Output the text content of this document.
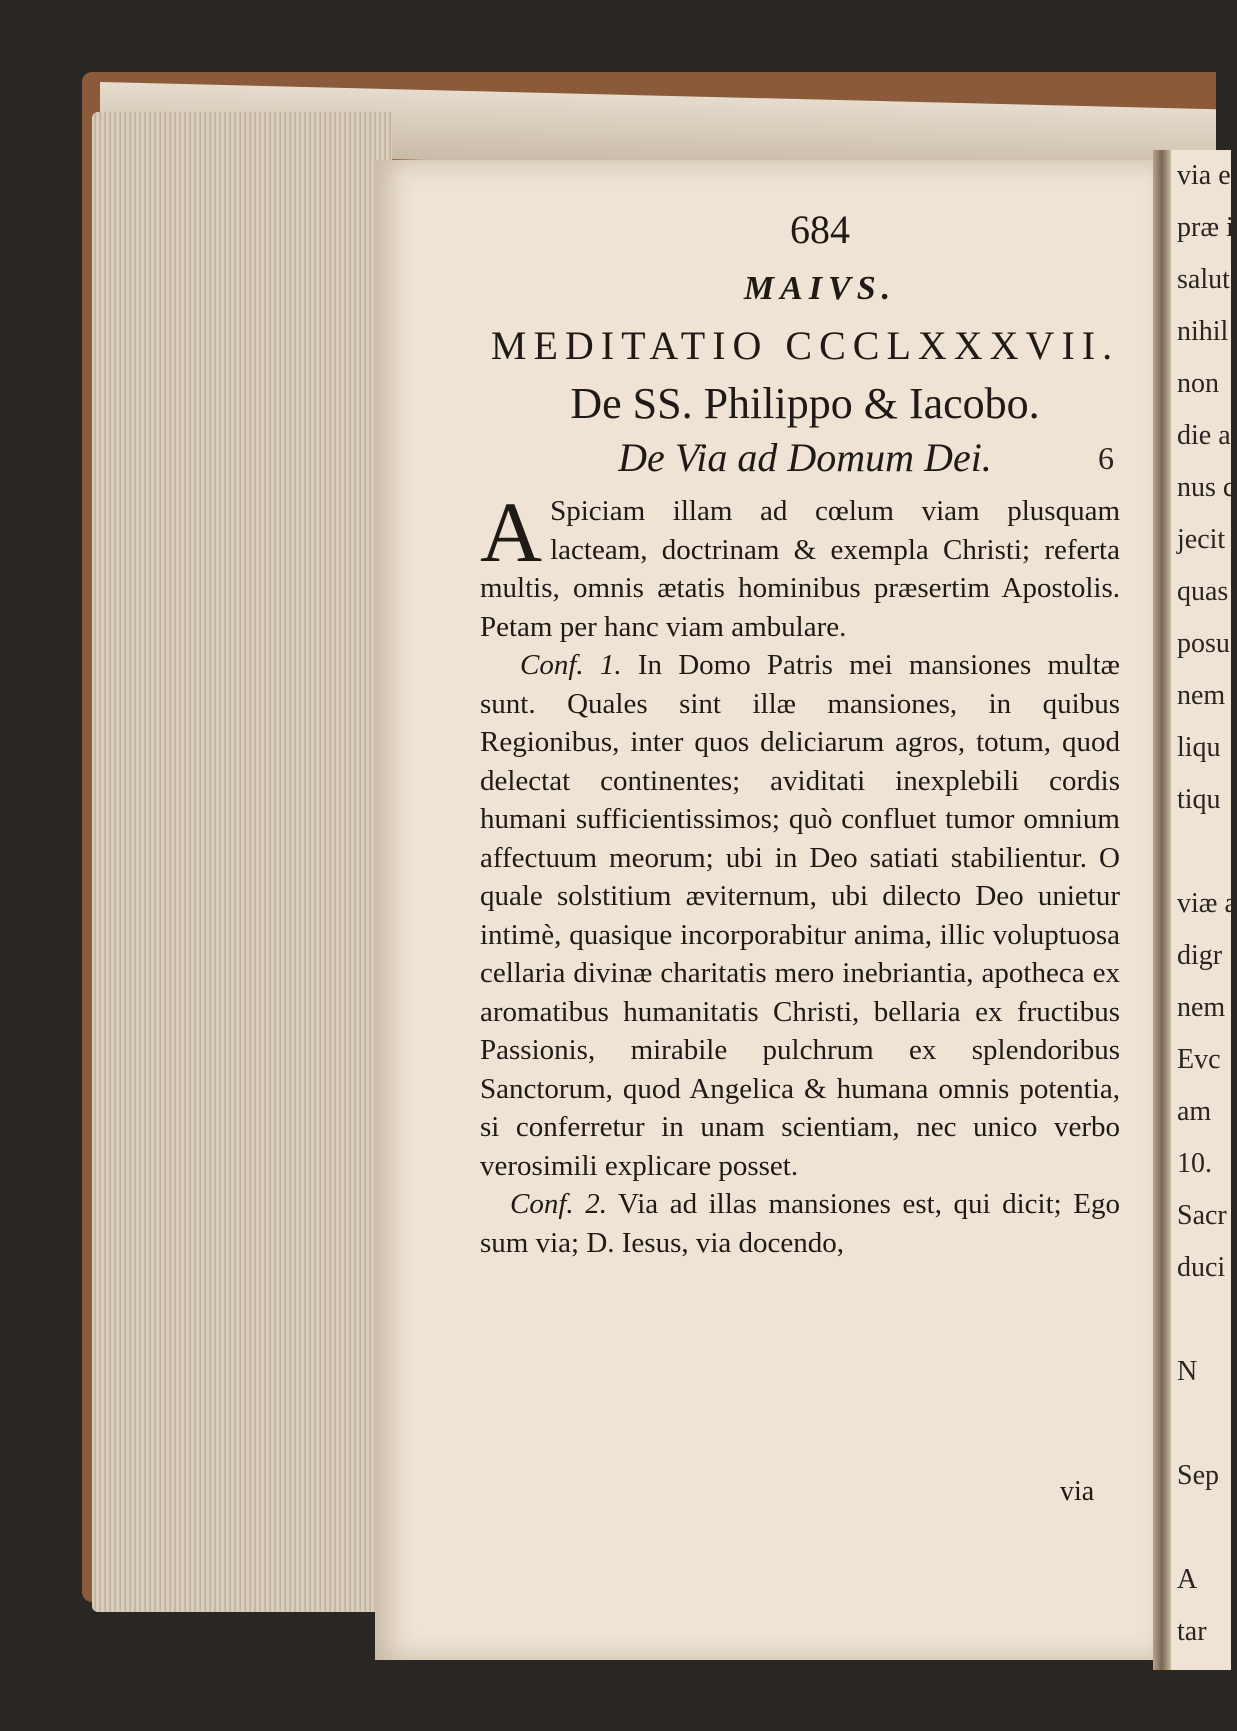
via e
præ i
salut
nihil
non
die a
nus c
jecit
quas
posu
nem
liqu
tiqu

viæ a
digr
nem
Evc
am
10.
Sacr
duci

N

Sep

A
tar
684
MAIVS.
MEDITATIO CCCLXXXVII.
De SS. Philippo & Iacobo.
De Via ad Domum Dei.	6

A Spiciam illam ad cœlum viam plusquam lacteam, doctrinam & exempla Christi; referta multis, omnis ætatis hominibus præsertim Apostolis. Petam per hanc viam ambulare.

Conf. 1. In Domo Patris mei mansiones multæ sunt. Quales sint illæ mansiones, in quibus Regionibus, inter quos deliciarum agros, totum, quod delectat continentes; aviditati inexplebili cordis humani sufficientissimos; quò confluet tumor omnium affectuum meorum; ubi in Deo satiati stabilientur. O quale solstitium æviternum, ubi dilecto Deo unietur intimè, quasique incorporabitur anima, illic voluptuosa cellaria divinæ charitatis mero inebriantia, apotheca ex aromatibus humanitatis Christi, bellaria ex fructibus Passionis, mirabile pulchrum ex splendoribus Sanctorum, quod Angelica & humana omnis potentia, si conferretur in unam scientiam, nec unico verbo verosimili explicare posset.

Conf. 2. Via ad illas mansiones est, qui dicit; Ego sum via; D. Iesus, via docendo,

via
